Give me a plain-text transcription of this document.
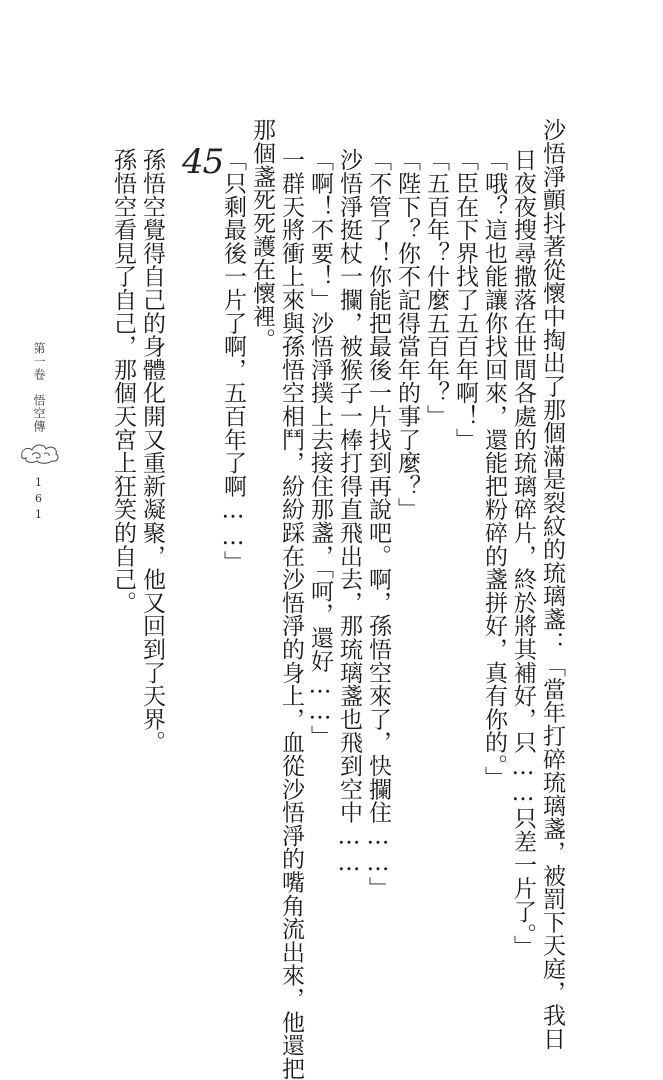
沙悟淨顫抖著從懷中掏出了那個滿是裂紋的琉璃盞：「當年打碎琉璃盞，被罰下天庭，我日
日夜夜搜尋撒落在世間各處的琉璃碎片，終於將其補好，只……只差一片了。」
「哦？這也能讓你找回來，還能把粉碎的盞拼好，真有你的。」
「臣在下界找了五百年啊！」
「五百年？什麼五百年？」
「陛下？你不記得當年的事了麼？」
「不管了！你能把最後一片找到再說吧。啊，孫悟空來了，快攔住……」
沙悟淨挺杖一攔，被猴子一棒打得直飛出去，那琉璃盞也飛到空中……
「啊！不要！」沙悟淨撲上去接住那盞，「呵，還好……」
一群天將衝上來與孫悟空相鬥，紛紛踩在沙悟淨的身上，血從沙悟淨的嘴角流出來，他還把
那個盞死死護在懷裡。
「只剩最後一片了啊，五百年了啊……」
45
孫悟空覺得自己的身體化開又重新凝聚，他又回到了天界。
孫悟空看見了自己，那個天宮上狂笑的自己。
第一卷　悟空傳
161
